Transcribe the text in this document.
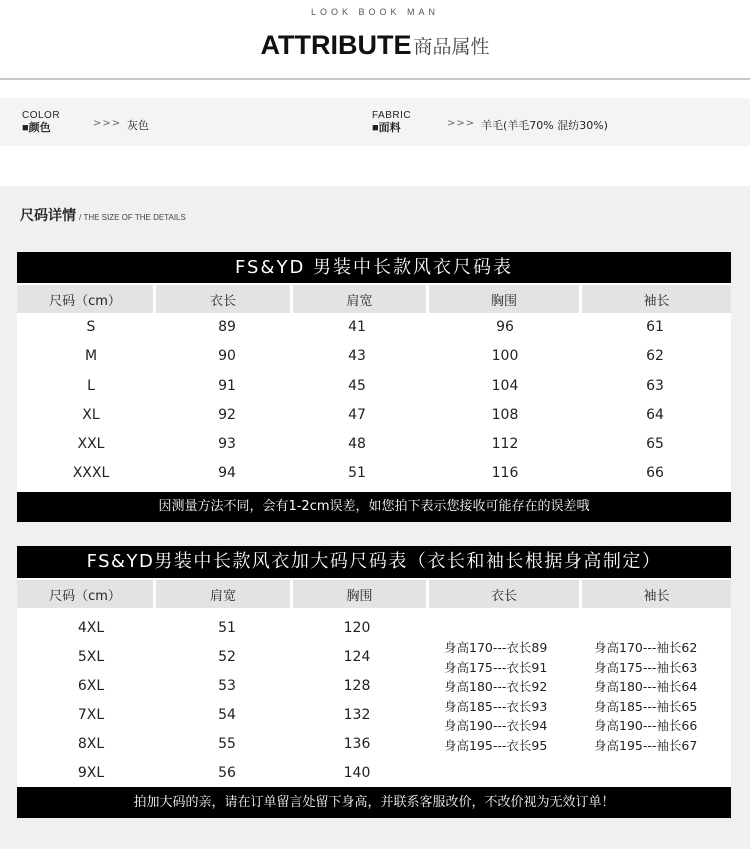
LOOK BOOK MAN
ATTRIBUTE 商品属性
COLOR
■颜色	>>> 灰色
FABRIC
■面料	>>> 羊毛(羊毛70% 混纺30%)
尺码详情 / THE SIZE OF THE DETAILS
FS&YD 男装中长款风衣尺码表
尺码（cm）	衣长	肩宽	胸围	袖长
S	89	41	96	61
M	90	43	100	62
L	91	45	104	63
XL	92	47	108	64
XXL	93	48	112	65
XXXL	94	51	116	66
因测量方法不同，会有1-2cm误差，如您拍下表示您接收可能存在的误差哦
FS&YD男装中长款风衣加大码尺码表（衣长和袖长根据身高制定）
尺码（cm）	肩宽	胸围	衣长	袖长
4XL	51	120
5XL	52	124
6XL	53	128
7XL	54	132
8XL	55	136
9XL	56	140
身高170---衣长89
身高175---衣长91
身高180---衣长92
身高185---衣长93
身高190---衣长94
身高195---衣长95
身高170---袖长62
身高175---袖长63
身高180---袖长64
身高185---袖长65
身高190---袖长66
身高195---袖长67
拍加大码的亲，请在订单留言处留下身高，并联系客服改价，不改价视为无效订单！
